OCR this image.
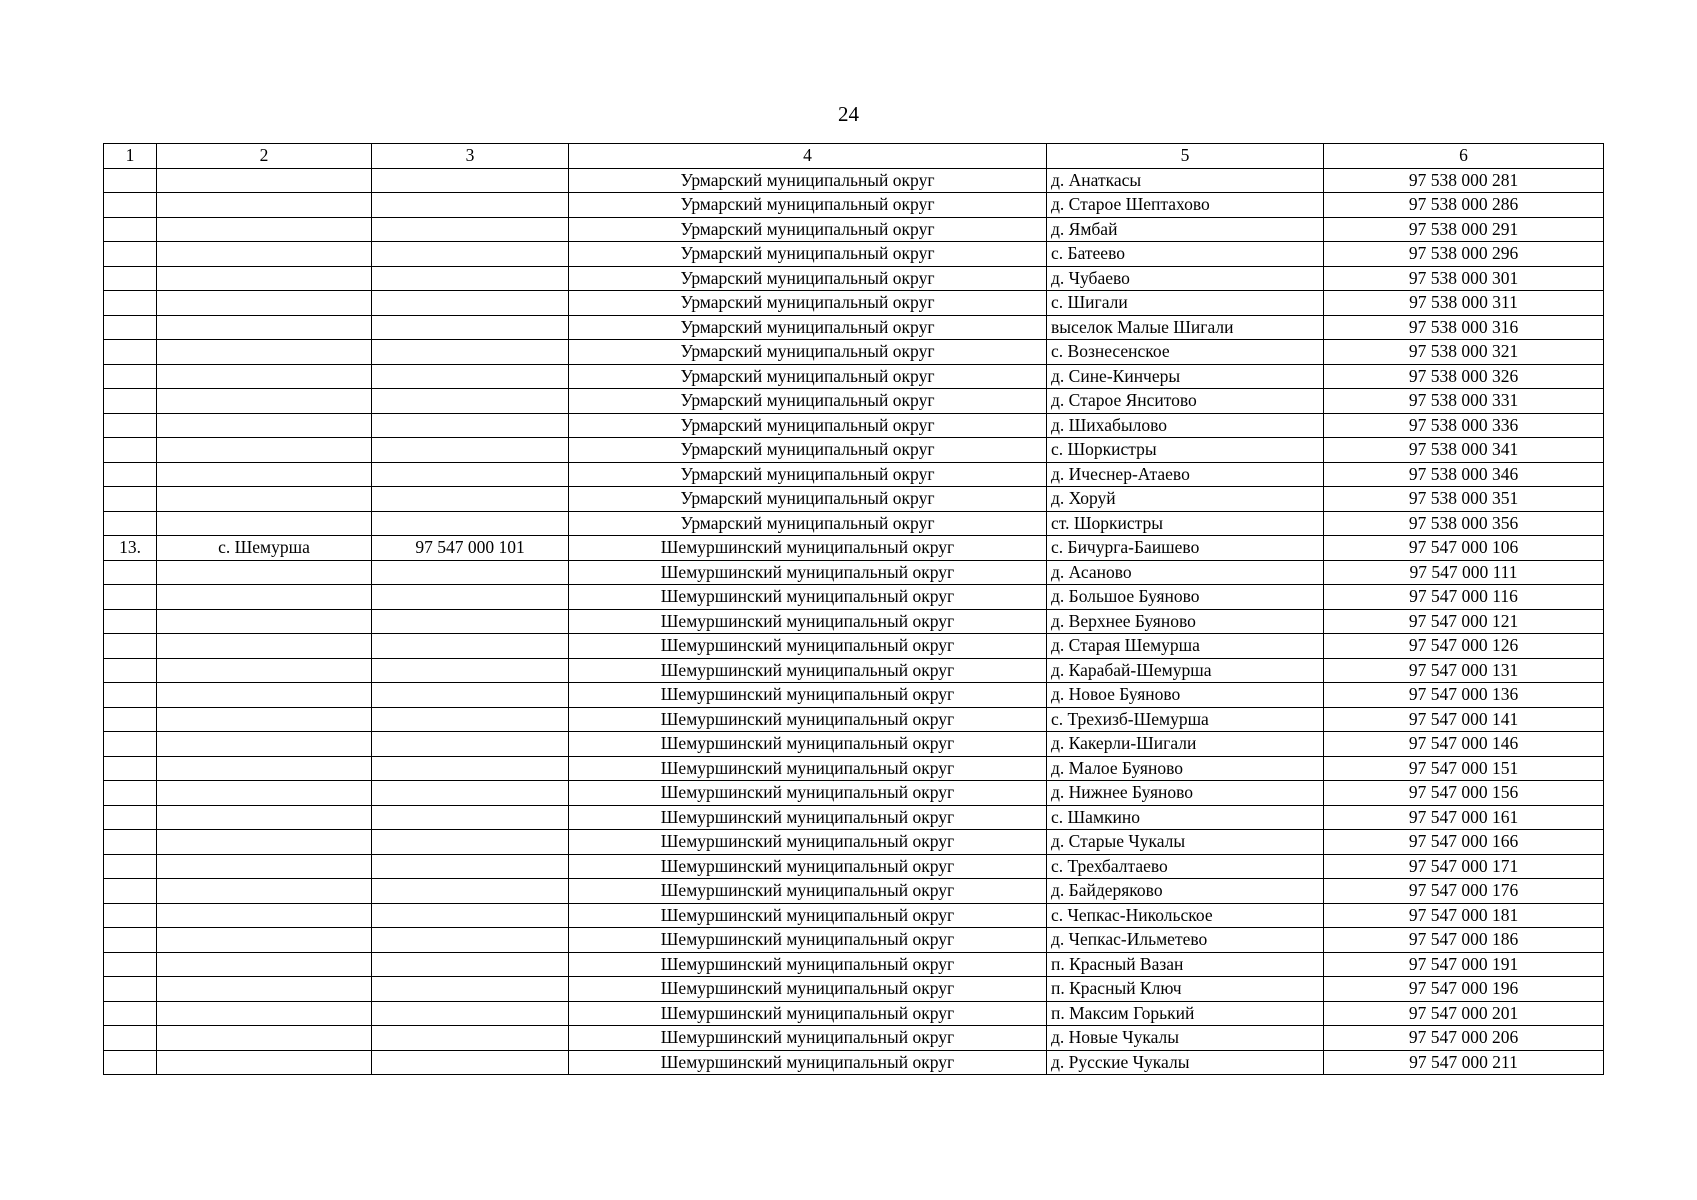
24
1	2	3	4	5	6
			Урмарский муниципальный округ	д. Анаткасы	97 538 000 281
			Урмарский муниципальный округ	д. Старое Шептахово	97 538 000 286
			Урмарский муниципальный округ	д. Ямбай	97 538 000 291
			Урмарский муниципальный округ	с. Батеево	97 538 000 296
			Урмарский муниципальный округ	д. Чубаево	97 538 000 301
			Урмарский муниципальный округ	с. Шигали	97 538 000 311
			Урмарский муниципальный округ	выселок Малые Шигали	97 538 000 316
			Урмарский муниципальный округ	с. Вознесенское	97 538 000 321
			Урмарский муниципальный округ	д. Сине-Кинчеры	97 538 000 326
			Урмарский муниципальный округ	д. Старое Янситово	97 538 000 331
			Урмарский муниципальный округ	д. Шихабылово	97 538 000 336
			Урмарский муниципальный округ	с. Шоркистры	97 538 000 341
			Урмарский муниципальный округ	д. Ичеснер-Атаево	97 538 000 346
			Урмарский муниципальный округ	д. Хоруй	97 538 000 351
			Урмарский муниципальный округ	ст. Шоркистры	97 538 000 356
13.	с. Шемурша	97 547 000 101	Шемуршинский муниципальный округ	с. Бичурга-Баишево	97 547 000 106
			Шемуршинский муниципальный округ	д. Асаново	97 547 000 111
			Шемуршинский муниципальный округ	д. Большое Буяново	97 547 000 116
			Шемуршинский муниципальный округ	д. Верхнее Буяново	97 547 000 121
			Шемуршинский муниципальный округ	д. Старая Шемурша	97 547 000 126
			Шемуршинский муниципальный округ	д. Карабай-Шемурша	97 547 000 131
			Шемуршинский муниципальный округ	д. Новое Буяново	97 547 000 136
			Шемуршинский муниципальный округ	с. Трехизб-Шемурша	97 547 000 141
			Шемуршинский муниципальный округ	д. Какерли-Шигали	97 547 000 146
			Шемуршинский муниципальный округ	д. Малое Буяново	97 547 000 151
			Шемуршинский муниципальный округ	д. Нижнее Буяново	97 547 000 156
			Шемуршинский муниципальный округ	с. Шамкино	97 547 000 161
			Шемуршинский муниципальный округ	д. Старые Чукалы	97 547 000 166
			Шемуршинский муниципальный округ	с. Трехбалтаево	97 547 000 171
			Шемуршинский муниципальный округ	д. Байдеряково	97 547 000 176
			Шемуршинский муниципальный округ	с. Чепкас-Никольское	97 547 000 181
			Шемуршинский муниципальный округ	д. Чепкас-Ильметево	97 547 000 186
			Шемуршинский муниципальный округ	п. Красный Вазан	97 547 000 191
			Шемуршинский муниципальный округ	п. Красный Ключ	97 547 000 196
			Шемуршинский муниципальный округ	п. Максим Горький	97 547 000 201
			Шемуршинский муниципальный округ	д. Новые Чукалы	97 547 000 206
			Шемуршинский муниципальный округ	д. Русские Чукалы	97 547 000 211
